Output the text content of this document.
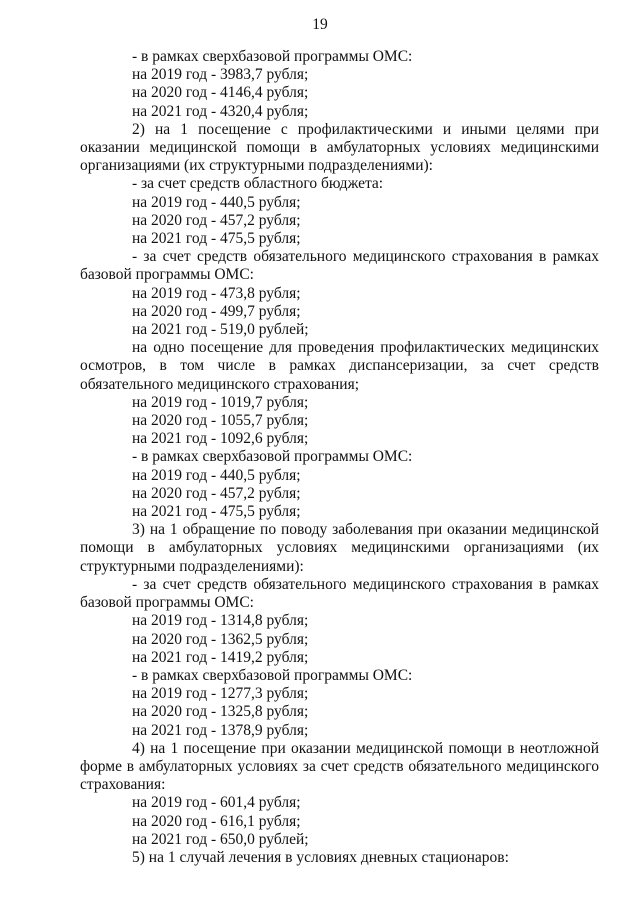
19

- в рамках сверхбазовой программы ОМС:

на 2019 год - 3983,7 рубля;

на 2020 год - 4146,4 рубля;

на 2021 год - 4320,4 рубля;

2) на 1 посещение с профилактическими и иными целями при оказании медицинской помощи в амбулаторных условиях медицинскими организациями (их структурными подразделениями):

- за счет средств областного бюджета:

на 2019 год - 440,5 рубля;

на 2020 год - 457,2 рубля;

на 2021 год - 475,5 рубля;

- за счет средств обязательного медицинского страхования в рамках базовой программы ОМС:

на 2019 год - 473,8 рубля;

на 2020 год - 499,7 рубля;

на 2021 год - 519,0 рублей;

на одно посещение для проведения профилактических медицинских осмотров, в том числе в рамках диспансеризации, за счет средств обязательного медицинского страхования;

на 2019 год - 1019,7 рубля;

на 2020 год - 1055,7 рубля;

на 2021 год - 1092,6 рубля;

- в рамках сверхбазовой программы ОМС:

на 2019 год - 440,5 рубля;

на 2020 год - 457,2 рубля;

на 2021 год - 475,5 рубля;

3) на 1 обращение по поводу заболевания при оказании медицинской помощи в амбулаторных условиях медицинскими организациями (их структурными подразделениями):

- за счет средств обязательного медицинского страхования в рамках базовой программы ОМС:

на 2019 год - 1314,8 рубля;

на 2020 год - 1362,5 рубля;

на 2021 год - 1419,2 рубля;

- в рамках сверхбазовой программы ОМС:

на 2019 год - 1277,3 рубля;

на 2020 год - 1325,8 рубля;

на 2021 год - 1378,9 рубля;

4) на 1 посещение при оказании медицинской помощи в неотложной форме в амбулаторных условиях за счет средств обязательного медицинского страхования:

на 2019 год - 601,4 рубля;

на 2020 год - 616,1 рубля;

на 2021 год - 650,0 рублей;

5) на 1 случай лечения в условиях дневных стационаров:
